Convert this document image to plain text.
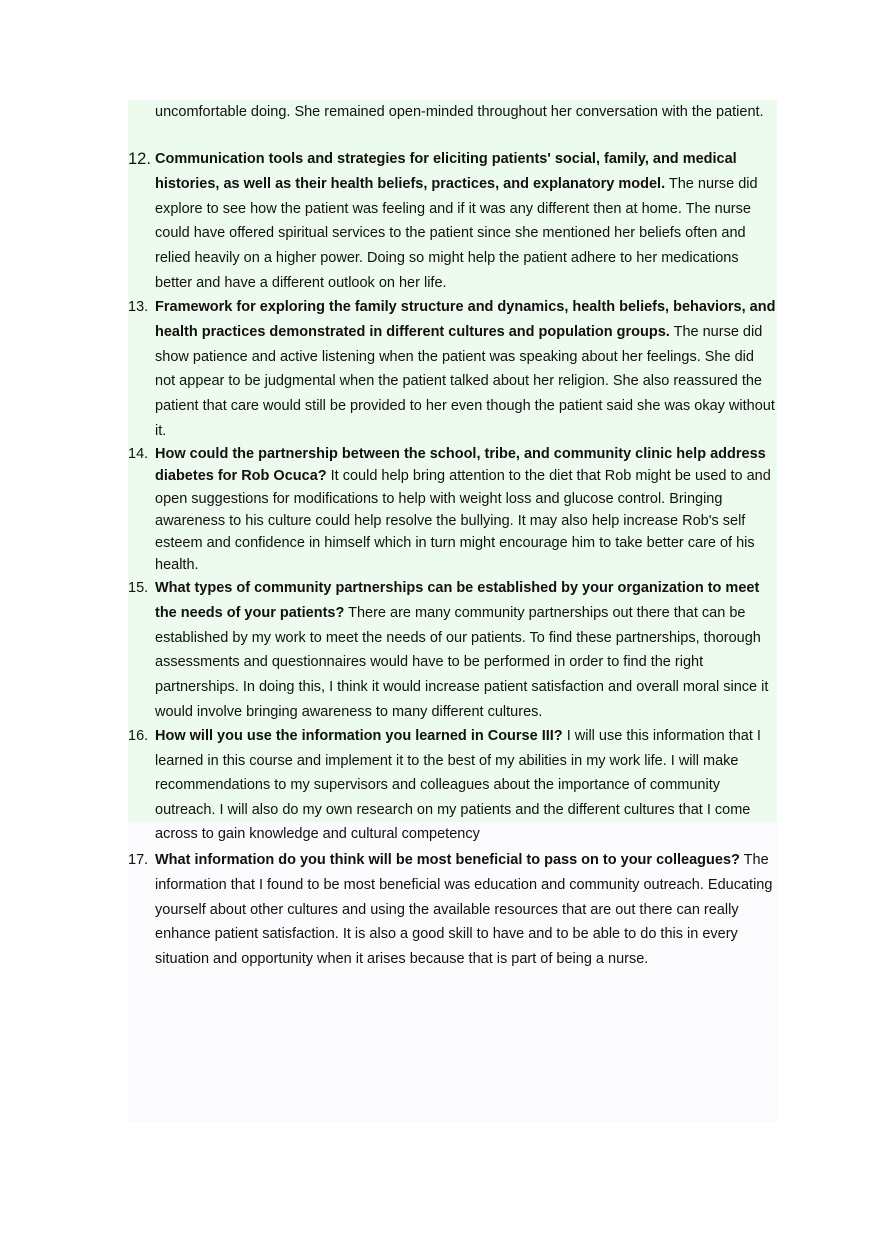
uncomfortable doing. She remained open-minded throughout her conversation with the patient.

12. Communication tools and strategies for eliciting patients' social, family, and medical histories, as well as their health beliefs, practices, and explanatory model. The nurse did explore to see how the patient was feeling and if it was any different then at home. The nurse could have offered spiritual services to the patient since she mentioned her beliefs often and relied heavily on a higher power. Doing so might help the patient adhere to her medications better and have a different outlook on her life.

13. Framework for exploring the family structure and dynamics, health beliefs, behaviors, and health practices demonstrated in different cultures and population groups. The nurse did show patience and active listening when the patient was speaking about her feelings. She did not appear to be judgmental when the patient talked about her religion. She also reassured the patient that care would still be provided to her even though the patient said she was okay without it.

14. How could the partnership between the school, tribe, and community clinic help address diabetes for Rob Ocuca? It could help bring attention to the diet that Rob might be used to and open suggestions for modifications to help with weight loss and glucose control. Bringing awareness to his culture could help resolve the bullying. It may also help increase Rob's self esteem and confidence in himself which in turn might encourage him to take better care of his health.

15. What types of community partnerships can be established by your organization to meet the needs of your patients? There are many community partnerships out there that can be established by my work to meet the needs of our patients. To find these partnerships, thorough assessments and questionnaires would have to be performed in order to find the right partnerships. In doing this, I think it would increase patient satisfaction and overall moral since it would involve bringing awareness to many different cultures.

16. How will you use the information you learned in Course III? I will use this information that I learned in this course and implement it to the best of my abilities in my work life. I will make recommendations to my supervisors and colleagues about the importance of community outreach. I will also do my own research on my patients and the different cultures that I come across to gain knowledge and cultural competency

17. What information do you think will be most beneficial to pass on to your colleagues? The information that I found to be most beneficial was education and community outreach. Educating yourself about other cultures and using the available resources that are out there can really enhance patient satisfaction. It is also a good skill to have and to be able to do this in every situation and opportunity when it arises because that is part of being a nurse.
